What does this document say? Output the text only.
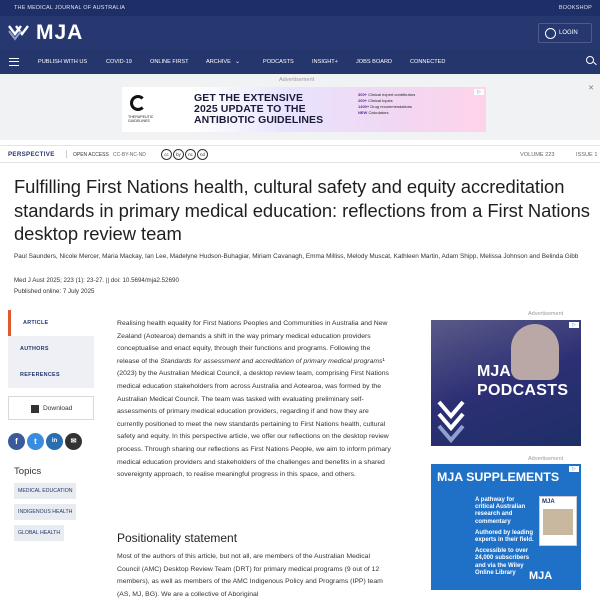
THE MEDICAL JOURNAL OF AUSTRALIA	BOOKSHOP
MJA	LOGIN
PUBLISH WITH US	COVID-19	ONLINE FIRST	ARCHIVE ⌄	PODCASTS	INSIGHT+	JOBS BOARD	CONNECTED
Advertisement
✕
THERAPEUTIC GUIDELINES
GET THE EXTENSIVE
2025 UPDATE TO THE
ANTIBIOTIC GUIDELINES
300+ Clinical expert contributors
200+ Clinical topics
1400+ Drug recommendations
NEW Calculators
▷
PERSPECTIVE	OPEN ACCESS CC-BY-NC-ND	cc by nc nd	VOLUME 223	ISSUE 1
Fulfilling First Nations health, cultural safety and equity accreditation standards in primary medical education: reflections from a First Nations desktop review team
Paul Saunders, Nicole Mercer, Maria Mackay, Ian Lee, Madelyne Hudson-Buhagiar, Miriam Cavanagh, Emma Milliss, Melody Muscat, Kathleen Martin, Adam Shipp, Melissa Johnson and Belinda Gibb
Med J Aust 2025; 223 (1): 23-27. || doi: 10.5694/mja2.52690
Published online: 7 July 2025
ARTICLE
AUTHORS
REFERENCES
Download
f	t	in	✉
Topics
MEDICAL EDUCATION
INDIGENOUS HEALTH
GLOBAL HEALTH

Realising health equality for First Nations Peoples and Communities in Australia and New Zealand (Aotearoa) demands a shift in the way primary medical education providers conceptualise and enact equity, through their functions and programs. Following the release of the Standards for assessment and accreditation of primary medical programs¹ (2023) by the Australian Medical Council, a desktop review team, comprising First Nations medical education stakeholders from across Australia and Aotearoa, was formed by the Australian Medical Council. The team was tasked with evaluating preliminary self-assessments of primary medical education providers, regarding if and how they are currently positioned to meet the new standards pertaining to First Nations health, cultural safety and equity. In this perspective article, we offer our reflections on the desktop review process. Through sharing our reflections as First Nations People, we aim to inform primary medical education providers and stakeholders of the challenges and benefits in a shared sovereignty approach, to realise meaningful progress in this space, and others.

Positionality statement
Most of the authors of this article, but not all, are members of the Australian Medical Council (AMC) Desktop Review Team (DRT) for primary medical programs (9 out of 12 members), as well as members of the AMC Indigenous Policy and Programs (IPP) team (AS, MJ, BG). We are a collective of Aboriginal
Advertisement
MJA
PODCASTS
▷
Advertisement
MJA SUPPLEMENTS
A pathway for critical Australian research and commentary
Authored by leading experts in their field.
Accessible to over 24,000 subscribers and via the Wiley Online Library
MJA
MJA
▷
